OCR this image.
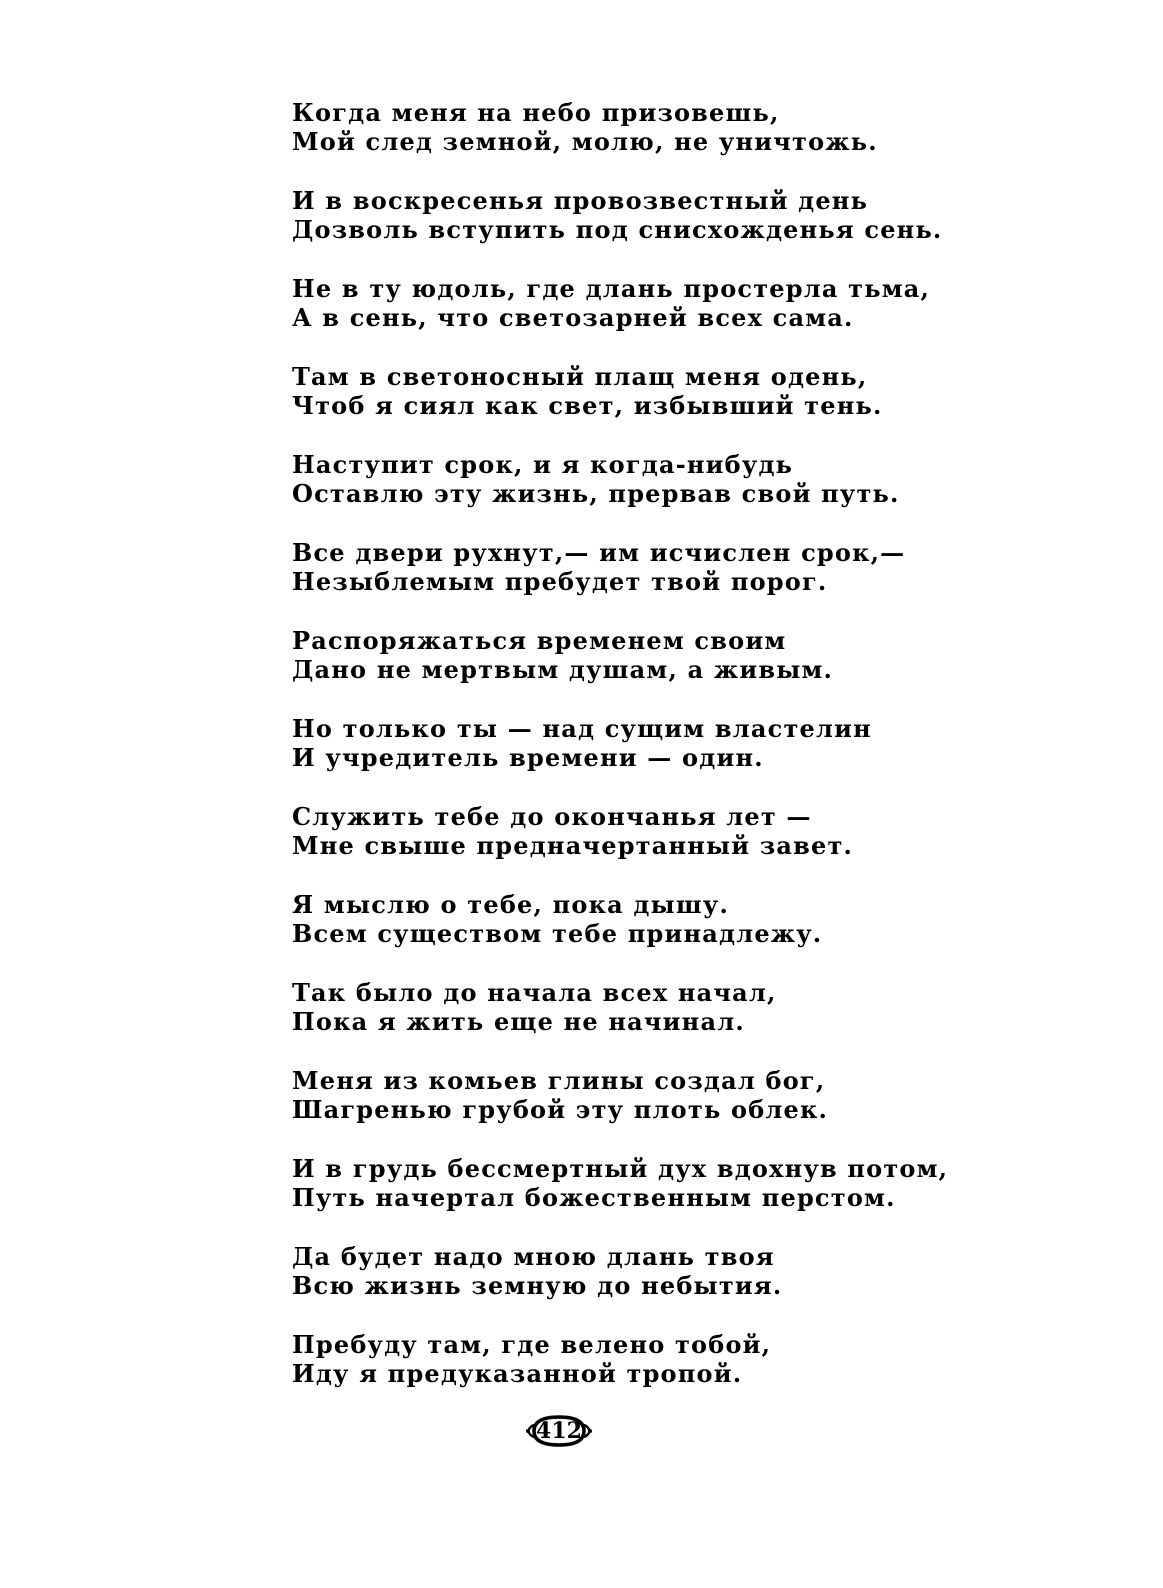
Когда меня на небо призовешь,
Мой след земной, молю, не уничтожь.
И в воскресенья провозвестный день
Дозволь вступить под снисхожденья сень.
Не в ту юдоль, где длань простерла тьма,
А в сень, что светозарней всех сама.
Там в светоносный плащ меня одень,
Чтоб я сиял как свет, избывший тень.
Наступит срок, и я когда-нибудь
Оставлю эту жизнь, прервав свой путь.
Все двери рухнут,— им исчислен срок,—
Незыблемым пребудет твой порог.
Распоряжаться временем своим
Дано не мертвым душам, а живым.
Но только ты — над сущим властелин
И учредитель времени — один.
Служить тебе до окончанья лет —
Мне свыше предначертанный завет.
Я мыслю о тебе, пока дышу.
Всем существом тебе принадлежу.
Так было до начала всех начал,
Пока я жить еще не начинал.
Меня из комьев глины создал бог,
Шагренью грубой эту плоть облек.
И в грудь бессмертный дух вдохнув потом,
Путь начертал божественным перстом.
Да будет надо мною длань твоя
Всю жизнь земную до небытия.
Пребуду там, где велено тобой,
Иду я предуказанной тропой.
412
